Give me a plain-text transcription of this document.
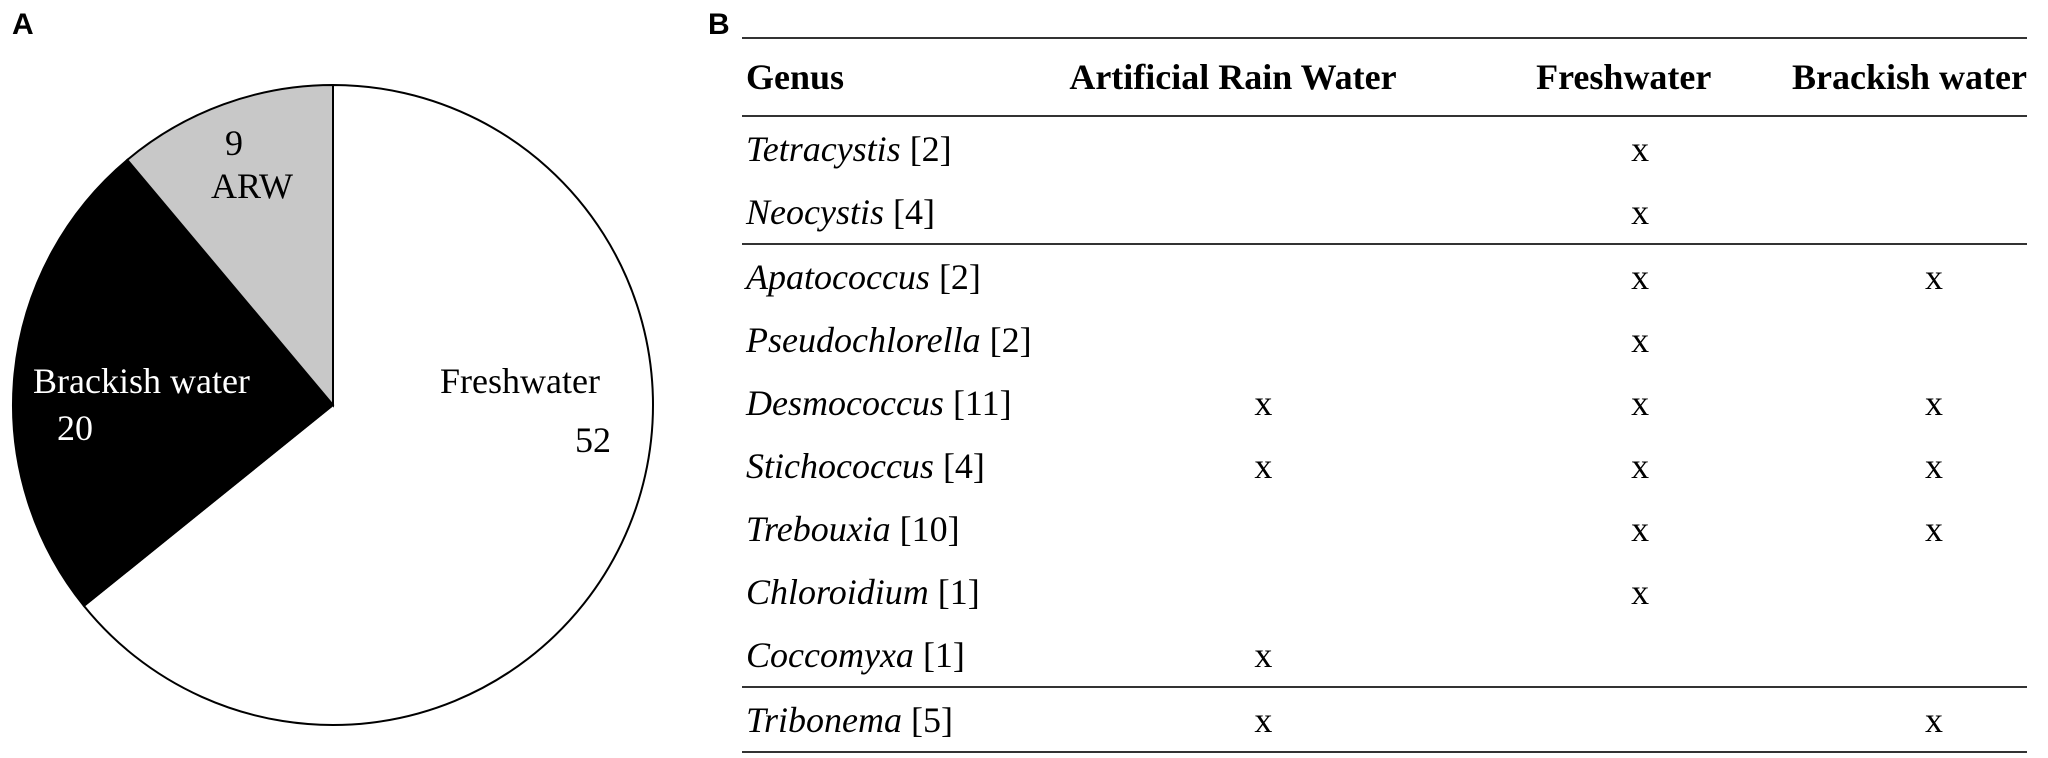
A	B
Freshwater
52
Brackish water
20
ARW
9
Genus	Artificial Rain Water	Freshwater	Brackish water
Tetracystis [2]		x	
Neocystis [4]		x	
Apatococcus [2]		x	x
Pseudochlorella [2]		x	
Desmococcus [11]	x	x	x
Stichococcus [4]	x	x	x
Trebouxia [10]		x	x
Chloroidium [1]		x	
Coccomyxa [1]	x		
Tribonema [5]	x		x
